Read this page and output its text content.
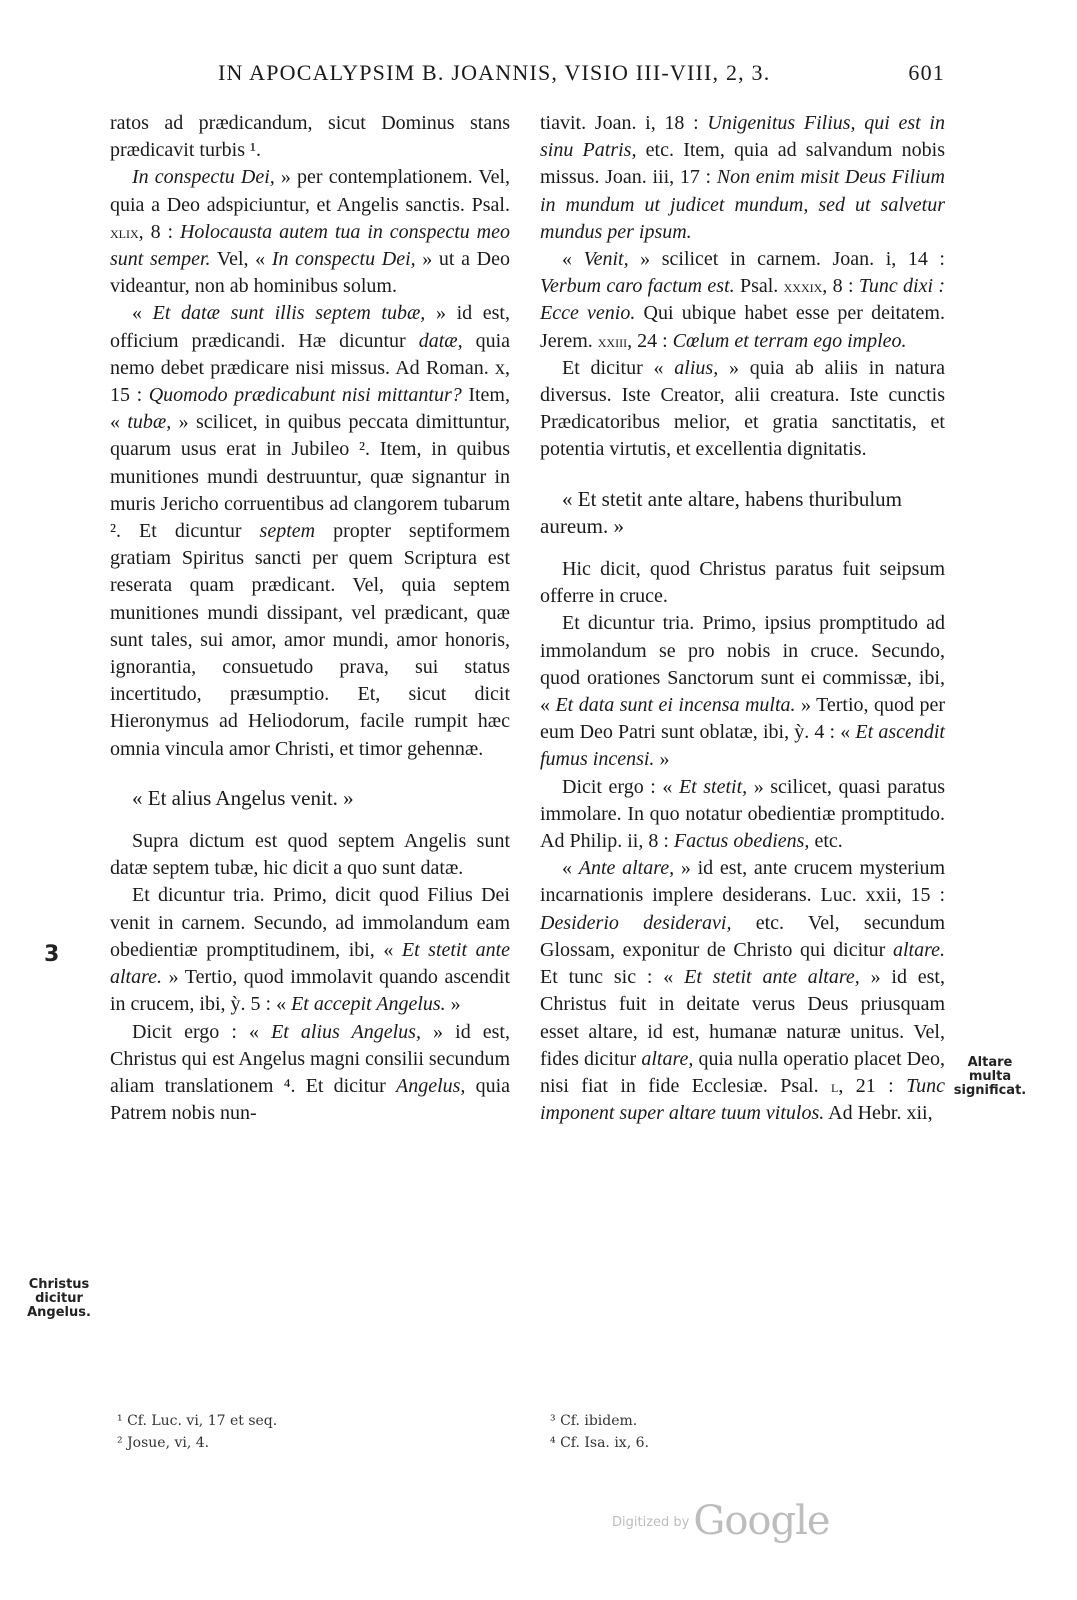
IN APOCALYPSIM B. JOANNIS, VISIO III-VIII, 2, 3.	601

ratos ad prædicandum, sicut Dominus stans prædicavit turbis ¹.

In conspectu Dei, » per contemplationem. Vel, quia a Deo adspiciuntur, et Angelis sanctis. Psal. xlix, 8 : Holocausta autem tua in conspectu meo sunt semper. Vel, « In conspectu Dei, » ut a Deo videantur, non ab hominibus solum.

« Et datæ sunt illis septem tubæ, » id est, officium prædicandi. Hæ dicuntur datæ, quia nemo debet prædicare nisi missus. Ad Roman. x, 15 : Quomodo prædicabunt nisi mittantur? Item, « tubæ, » scilicet, in quibus peccata dimittuntur, quarum usus erat in Jubileo ². Item, in quibus munitiones mundi destruuntur, quæ signantur in muris Jericho corruentibus ad clangorem tubarum ². Et dicuntur septem propter septiformem gratiam Spiritus sancti per quem Scriptura est reserata quam prædicant. Vel, quia septem munitiones mundi dissipant, vel prædicant, quæ sunt tales, sui amor, amor mundi, amor honoris, ignorantia, consuetudo prava, sui status incertitudo, præsumptio. Et, sicut dicit Hieronymus ad Heliodorum, facile rumpit hæc omnia vincula amor Christi, et timor gehennæ.

« Et alius Angelus venit. »

Supra dictum est quod septem Angelis sunt datæ septem tubæ, hic dicit a quo sunt datæ.

Et dicuntur tria. Primo, dicit quod Filius Dei venit in carnem. Secundo, ad immolandum eam obedientiæ promptitudinem, ibi, « Et stetit ante altare. » Tertio, quod immolavit quando ascendit in crucem, ibi, ỳ. 5 : « Et accepit Angelus. »

Dicit ergo : « Et alius Angelus, » id est, Christus qui est Angelus magni consilii secundum aliam translationem ⁴. Et dicitur Angelus, quia Patrem nobis nun-

tiavit. Joan. i, 18 : Unigenitus Filius, qui est in sinu Patris, etc. Item, quia ad salvandum nobis missus. Joan. iii, 17 : Non enim misit Deus Filium in mundum ut judicet mundum, sed ut salvetur mundus per ipsum.

« Venit, » scilicet in carnem. Joan. i, 14 : Verbum caro factum est. Psal. xxxix, 8 : Tunc dixi : Ecce venio. Qui ubique habet esse per deitatem. Jerem. xxiii, 24 : Cœlum et terram ego impleo.

Et dicitur « alius, » quia ab aliis in natura diversus. Iste Creator, alii creatura. Iste cunctis Prædicatoribus melior, et gratia sanctitatis, et potentia virtutis, et excellentia dignitatis.

« Et stetit ante altare, habens thuribulum aureum. »

Hic dicit, quod Christus paratus fuit seipsum offerre in cruce.

Et dicuntur tria. Primo, ipsius promptitudo ad immolandum se pro nobis in cruce. Secundo, quod orationes Sanctorum sunt ei commissæ, ibi, « Et data sunt ei incensa multa. » Tertio, quod per eum Deo Patri sunt oblatæ, ibi, ỳ. 4 : « Et ascendit fumus incensi. »

Dicit ergo : « Et stetit, » scilicet, quasi paratus immolare. In quo notatur obedientiæ promptitudo. Ad Philip. ii, 8 : Factus obediens, etc.

« Ante altare, » id est, ante crucem mysterium incarnationis implere desiderans. Luc. xxii, 15 : Desiderio desideravi, etc. Vel, secundum Glossam, exponitur de Christo qui dicitur altare. Et tunc sic : « Et stetit ante altare, » id est, Christus fuit in deitate verus Deus priusquam esset altare, id est, humanæ naturæ unitus. Vel, fides dicitur altare, quia nulla operatio placet Deo, nisi fiat in fide Ecclesiæ. Psal. l, 21 : Tunc imponent super altare tuum vitulos. Ad Hebr. xii,

3
Christus
dicitur
Angelus.
Altare
multa
significat.
¹ Cf. Luc. vi, 17 et seq.
² Josue, vi, 4.
³ Cf. ibidem.
⁴ Cf. Isa. ix, 6.
$^{Digitized by}$ Google
